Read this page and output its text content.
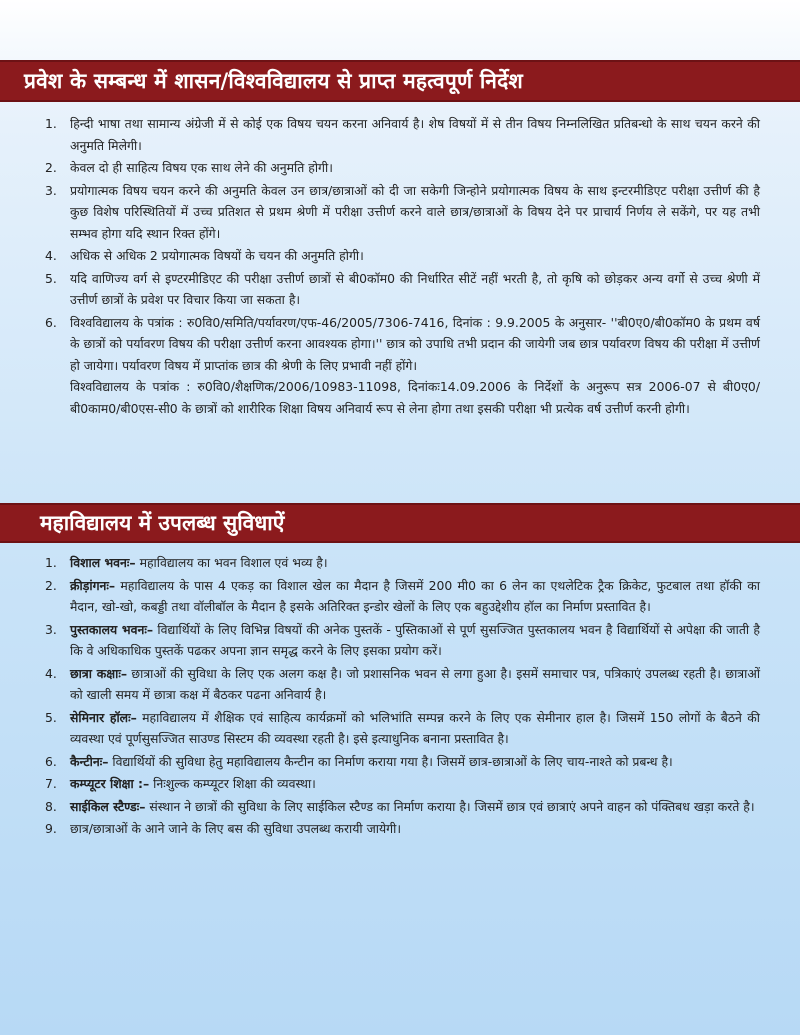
प्रवेश के सम्बन्ध में शासन/विश्वविद्यालय से प्राप्त महत्वपूर्ण निर्देश
1.	हिन्दी भाषा तथा सामान्य अंग्रेजी में से कोई एक विषय चयन करना अनिवार्य है। शेष विषयों में से तीन विषय निम्नलिखित प्रतिबन्धो के साथ चयन करने की अनुमति मिलेगी।
2.	केवल दो ही साहित्य विषय एक साथ लेने की अनुमति होगी।
3.	प्रयोगात्मक विषय चयन करने की अनुमति केवल उन छात्र/छात्राओं को दी जा सकेगी जिन्होने प्रयोगात्मक विषय के साथ इन्टरमीडिएट परीक्षा उत्तीर्ण की है कुछ विशेष परिस्थितियों में उच्च प्रतिशत से प्रथम श्रेणी में परीक्षा उत्तीर्ण करने वाले छात्र/छात्राओं के विषय देने पर प्राचार्य निर्णय ले सकेंगे, पर यह तभी सम्भव होगा यदि स्थान रिक्त होंगे।
4.	अधिक से अधिक 2 प्रयोगात्मक विषयों के चयन की अनुमति होगी।
5.	यदि वाणिज्य वर्ग से इण्टरमीडिएट की परीक्षा उत्तीर्ण छात्रों से बी0कॉम0 की निर्धारित सीटें नहीं भरती है, तो कृषि को छोड़कर अन्य वर्गो से उच्च श्रेणी में उत्तीर्ण छात्रों के प्रवेश पर विचार किया जा सकता है।
6.	विश्वविद्यालय के पत्रांक : रु0वि0/समिति/पर्यावरण/एफ-46/2005/7306-7416, दिनांक : 9.9.2005 के अनुसार- ''बी0ए0/बी0कॉम0 के प्रथम वर्ष के छात्रों को पर्यावरण विषय की परीक्षा उत्तीर्ण करना आवश्यक होगा।'' छात्र को उपाधि तभी प्रदान की जायेगी जब छात्र पर्यावरण विषय की परीक्षा में उत्तीर्ण हो जायेगा। पर्यावरण विषय में प्राप्तांक छात्र की श्रेणी के लिए प्रभावी नहीं होंगे।

विश्वविद्यालय के पत्रांक : रु0वि0/शैक्षणिक/2006/10983-11098, दिनांकः14.09.2006 के निर्देशों के अनुरूप सत्र 2006-07 से बी0ए0/बी0काम0/बी0एस-सी0 के छात्रों को शारीरिक शिक्षा विषय अनिवार्य रूप से लेना होगा तथा इसकी परीक्षा भी प्रत्येक वर्ष उत्तीर्ण करनी होगी।

महाविद्यालय में उपलब्ध सुविधाऐं
1.	विशाल भवनः– महाविद्यालय का भवन विशाल एवं भव्य है।
2.	क्रीड़ांगनः– महाविद्यालय के पास 4 एकड़ का विशाल खेल का मैदान है जिसमें 200 मी0 का 6 लेन का एथलेटिक ट्रैक क्रिकेट, फुटबाल तथा हॉकी का मैदान, खो-खो, कबड्डी तथा वॉलीबॉल के मैदान है इसके अतिरिक्त इन्डोर खेलों के लिए एक बहुउद्देशीय हॉल का निर्माण प्रस्तावित है।
3.	पुस्तकालय भवनः– विद्यार्थियों के लिए विभिन्न विषयों की अनेक पुस्तकें - पुस्तिकाओं से पूर्ण सुसज्जित पुस्तकालय भवन है विद्यार्थियों से अपेक्षा की जाती है कि वे अधिकाधिक पुस्तकें पढकर अपना ज्ञान समृद्ध करने के लिए इसका प्रयोग करें।
4.	छात्रा कक्षाः– छात्राओं की सुविधा के लिए एक अलग कक्ष है। जो प्रशासनिक भवन से लगा हुआ है। इसमें समाचार पत्र, पत्रिकाएं उपलब्ध रहती है। छात्राओं को खाली समय में छात्रा कक्ष में बैठकर पढना अनिवार्य है।
5.	सेमिनार हॉलः– महाविद्यालय में शैक्षिक एवं साहित्य कार्यक्रमों को भलिभांति सम्पन्न करने के लिए एक सेमीनार हाल है। जिसमें 150 लोगों के बैठने की व्यवस्था एवं पूर्णसुसज्जित साउण्ड सिस्टम की व्यवस्था रहती है। इसे इत्याधुनिक बनाना प्रस्तावित है।
6.	कैन्टीनः– विद्यार्थियों की सुविधा हेतु महाविद्यालय कैन्टीन का निर्माण कराया गया है। जिसमें छात्र-छात्राओं के लिए चाय-नाश्ते को प्रबन्ध है।
7.	कम्प्यूटर शिक्षा :– निःशुल्क कम्प्यूटर शिक्षा की व्यवस्था।
8.	साईकिल स्टैण्डः– संस्थान ने छात्रों की सुविधा के लिए साईकिल स्टैण्ड का निर्माण कराया है। जिसमें छात्र एवं छात्राएं अपने वाहन को पंक्तिबध खड़ा करते है।
9.	छात्र/छात्राओं के आने जाने के लिए बस की सुविधा उपलब्ध करायी जायेगी।
